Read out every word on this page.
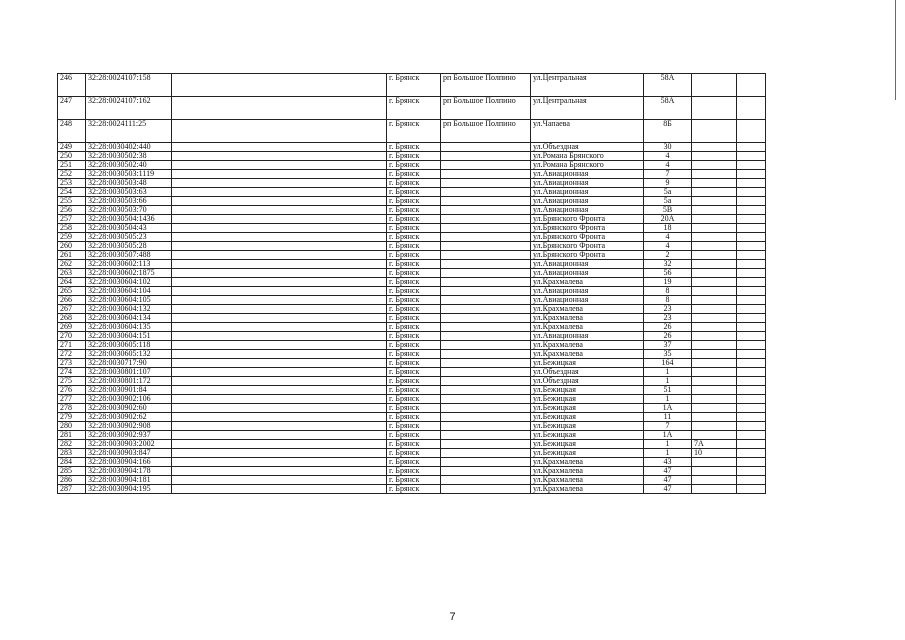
246	32:28:0024107:158		г. Брянск	рп Большое Полпино	ул.Центральная	58А		
247	32:28:0024107:162		г. Брянск	рп Большое Полпино	ул.Центральная	58А		
248	32:28:0024111:25		г. Брянск	рп Большое Полпино	ул.Чапаева	8Б		
249	32:28:0030402:440		г. Брянск		ул.Объездная	30		
250	32:28:0030502:38		г. Брянск		ул.Романа Брянского	4		
251	32:28:0030502:40		г. Брянск		ул.Романа Брянского	4		
252	32:28:0030503:1119		г. Брянск		ул.Авиационная	7		
253	32:28:0030503:48		г. Брянск		ул.Авиационная	9		
254	32:28:0030503:63		г. Брянск		ул.Авиационная	5а		
255	32:28:0030503:66		г. Брянск		ул.Авиационная	5а		
256	32:28:0030503:70		г. Брянск		ул.Авиационная	5В		
257	32:28:0030504:1436		г. Брянск		ул.Брянского Фронта	20А		
258	32:28:0030504:43		г. Брянск		ул.Брянского Фронта	18		
259	32:28:0030505:23		г. Брянск		ул.Брянского Фронта	4		
260	32:28:0030505:28		г. Брянск		ул.Брянского Фронта	4		
261	32:28:0030507:488		г. Брянск		ул.Брянского Фронта	2		
262	32:28:0030602:113		г. Брянск		ул.Авиационная	32		
263	32:28:0030602:1875		г. Брянск		ул.Авиационная	56		
264	32:28:0030604:102		г. Брянск		ул.Крахмалева	19		
265	32:28:0030604:104		г. Брянск		ул.Авиационная	8		
266	32:28:0030604:105		г. Брянск		ул.Авиационная	8		
267	32:28:0030604:132		г. Брянск		ул.Крахмалева	23		
268	32:28:0030604:134		г. Брянск		ул.Крахмалева	23		
269	32:28:0030604:135		г. Брянск		ул.Крахмалева	26		
270	32:28:0030604:151		г. Брянск		ул.Авиационная	26		
271	32:28:0030605:118		г. Брянск		ул.Крахмалева	37		
272	32:28:0030605:132		г. Брянск		ул.Крахмалева	35		
273	32:28:0030717:90		г. Брянск		ул.Бежицкая	164		
274	32:28:0030801:107		г. Брянск		ул.Объездная	1		
275	32:28:0030801:172		г. Брянск		ул.Объездная	1		
276	32:28:0030901:84		г. Брянск		ул.Бежицкая	51		
277	32:28:0030902:106		г. Брянск		ул.Бежицкая	1		
278	32:28:0030902:60		г. Брянск		ул.Бежицкая	1А		
279	32:28:0030902:62		г. Брянск		ул.Бежицкая	11		
280	32:28:0030902:908		г. Брянск		ул.Бежицкая	7		
281	32:28:0030902:937		г. Брянск		ул.Бежицкая	1А		
282	32:28:0030903:2002		г. Брянск		ул.Бежицкая	1	7А	
283	32:28:0030903:847		г. Брянск		ул.Бежицкая	1	10	
284	32:28:0030904:166		г. Брянск		ул.Крахмалева	43		
285	32:28:0030904:178		г. Брянск		ул.Крахмалева	47		
286	32:28:0030904:181		г. Брянск		ул.Крахмалева	47		
287	32:28:0030904:195		г. Брянск		ул.Крахмалева	47		
7
